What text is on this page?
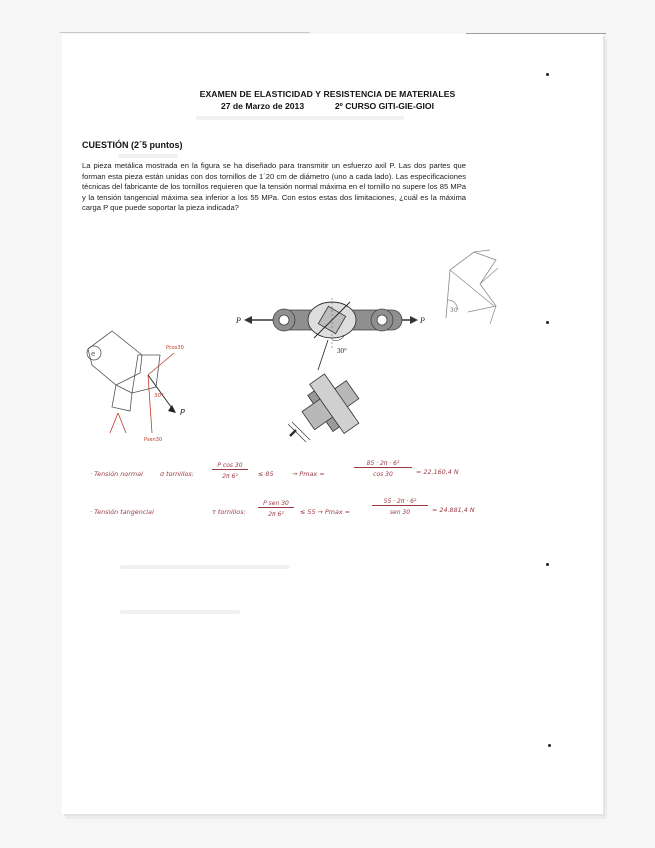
EXAMEN DE ELASTICIDAD Y RESISTENCIA DE MATERIALES
27 de Marzo de 2013	2º CURSO GITI-GIE-GIOI
CUESTIÓN (2´5 puntos)
La pieza metálica mostrada en la figura se ha diseñado para transmitir un esfuerzo axil P. Las dos partes que forman esta pieza están unidas con dos tornillos de 1´20 cm de diámetro (uno a cada lado). Las especificaciones técnicas del fabricante de los tornillos requieren que la tensión normal máxima en el tornillo no supere los 85 MPa y la tensión tangencial máxima sea inferior a los 55 MPa. Con estos estas dos limitaciones, ¿cuál es la máxima carga P que puede soportar la pieza indicada?
30
P	P
30°
e
P
30°
Pcos30
Psen30
· Tensión normal	σ tornillos:
P cos 30
2π 6²	≤ 85	→ Pmax =
85 · 2π · 6²
cos 30	= 22.160,4 N
· Tensión tangencial	τ tornillos:
P sen 30
2π 6²	≤ 55 → Pmax =
55 · 2π · 6²
sen 30	= 24.881,4 N
